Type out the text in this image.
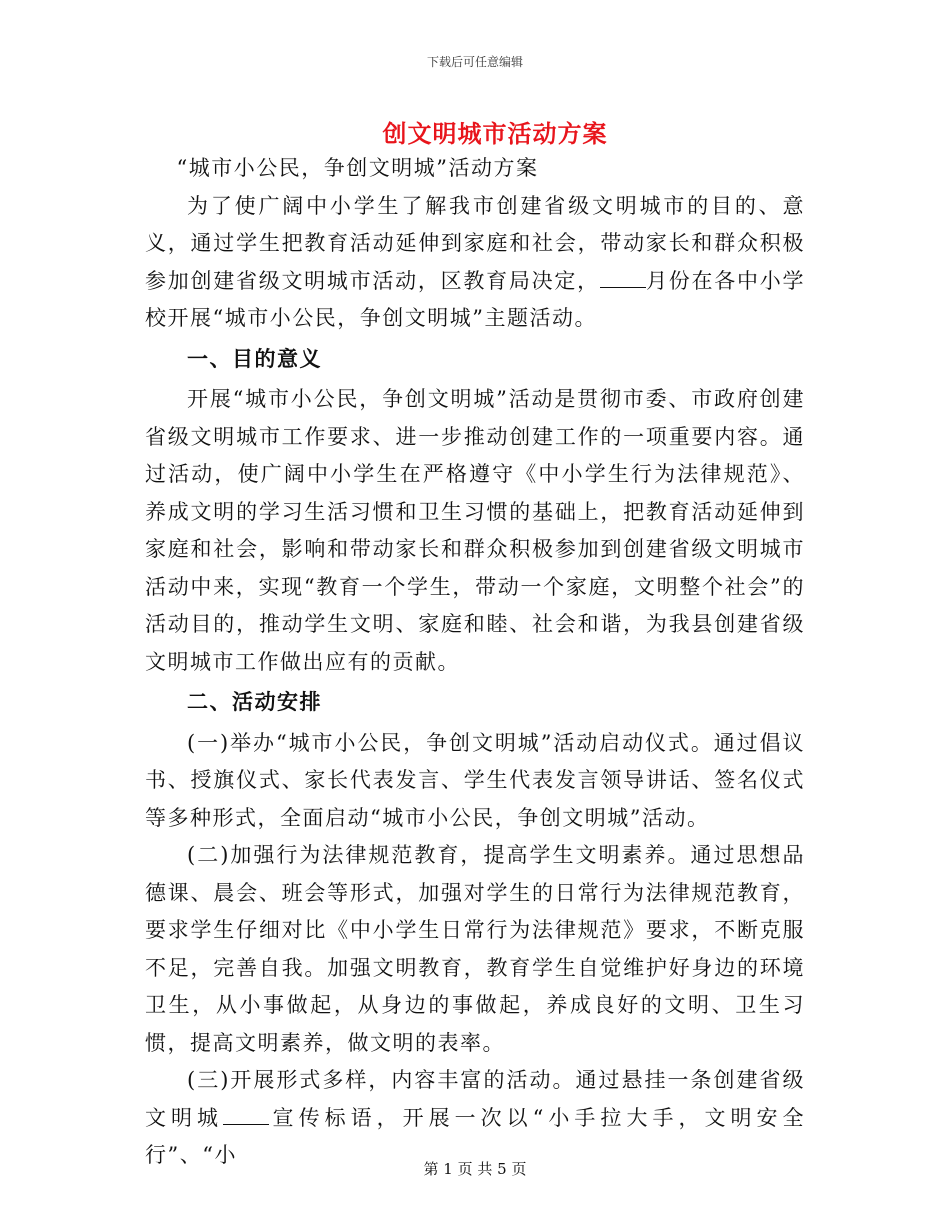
下载后可任意编辑
创文明城市活动方案

“城市小公民，争创文明城”活动方案

为了使广阔中小学生了解我市创建省级文明城市的目的、意义，通过学生把教育活动延伸到家庭和社会，带动家长和群众积极参加创建省级文明城市活动，区教育局决定， 月份在各中小学校开展“城市小公民，争创文明城”主题活动。

一、目的意义

开展“城市小公民，争创文明城”活动是贯彻市委、市政府创建省级文明城市工作要求、进一步推动创建工作的一项重要内容。通过活动，使广阔中小学生在严格遵守《中小学生行为法律规范》、养成文明的学习生活习惯和卫生习惯的基础上，把教育活动延伸到家庭和社会，影响和带动家长和群众积极参加到创建省级文明城市活动中来，实现“教育一个学生，带动一个家庭，文明整个社会”的活动目的，推动学生文明、家庭和睦、社会和谐，为我县创建省级文明城市工作做出应有的贡献。

二、活动安排

(一)举办“城市小公民，争创文明城”活动启动仪式。通过倡议书、授旗仪式、家长代表发言、学生代表发言领导讲话、签名仪式等多种形式，全面启动“城市小公民，争创文明城”活动。

(二)加强行为法律规范教育，提高学生文明素养。通过思想品德课、晨会、班会等形式，加强对学生的日常行为法律规范教育，要求学生仔细对比《中小学生日常行为法律规范》要求，不断克服不足，完善自我。加强文明教育，教育学生自觉维护好身边的环境卫生，从小事做起，从身边的事做起，养成良好的文明、卫生习惯，提高文明素养，做文明的表率。

(三)开展形式多样，内容丰富的活动。通过悬挂一条创建省级文明城 宣传标语，开展一次以“小手拉大手，文明安全行”、“小

第 1 页 共 5 页
